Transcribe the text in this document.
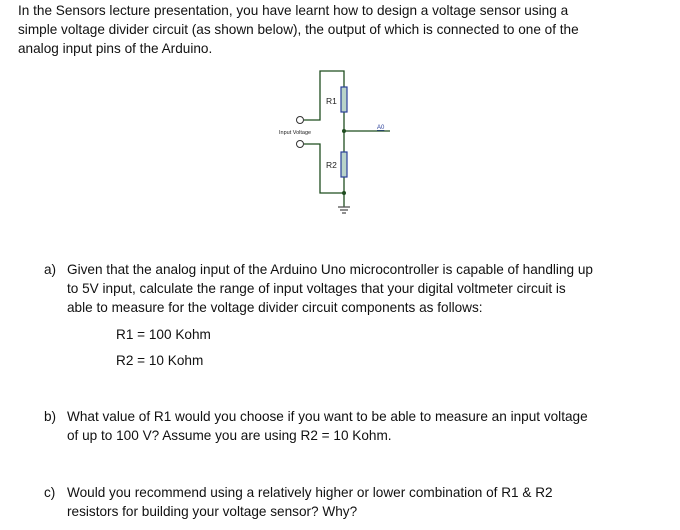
In the Sensors lecture presentation, you have learnt how to design a voltage sensor using a
simple voltage divider circuit (as shown below), the output of which is connected to one of the
analog input pins of the Arduino.
R1
R2
Input Voltage
A0
a) Given that the analog input of the Arduino Uno microcontroller is capable of handling up
to 5V input, calculate the range of input voltages that your digital voltmeter circuit is
able to measure for the voltage divider circuit components as follows:
R1 = 100 Kohm
R2 = 10 Kohm
b) What value of R1 would you choose if you want to be able to measure an input voltage
of up to 100 V? Assume you are using R2 = 10 Kohm.
c) Would you recommend using a relatively higher or lower combination of R1 & R2
resistors for building your voltage sensor? Why?
